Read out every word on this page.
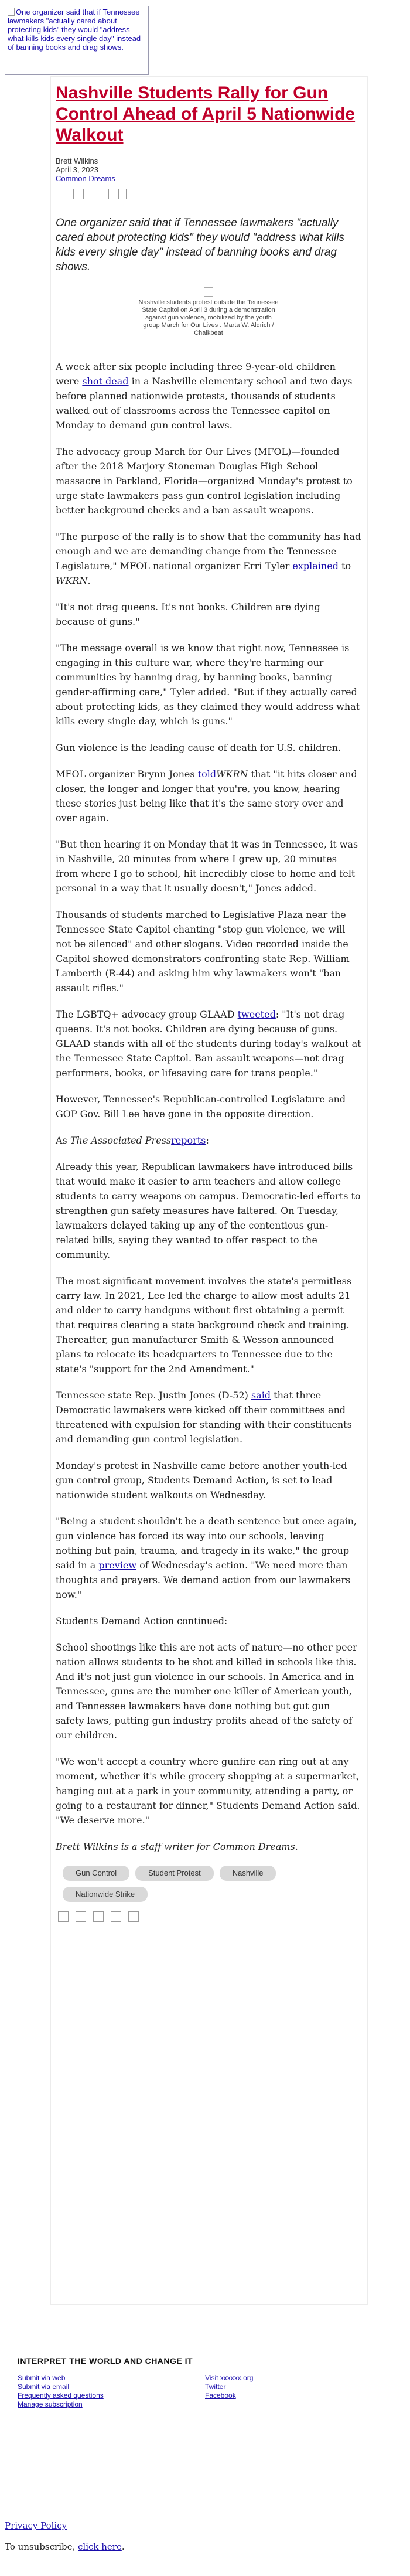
One organizer said that if Tennessee lawmakers "actually cared about protecting kids" they would "address what kills kids every single day" instead of banning books and drag shows.
Nashville Students Rally for Gun Control Ahead of April 5 Nationwide Walkout
Brett Wilkins
April 3, 2023
Common Dreams
One organizer said that if Tennessee lawmakers "actually cared about protecting kids" they would "address what kills kids every single day" instead of banning books and drag shows.
Nashville students protest outside the Tennessee State Capitol on April 3 during a demonstration against gun violence, mobilized by the youth group March for Our Lives . Marta W. Aldrich / Chalkbeat

A week after six people including three 9-year-old children were shot dead in a Nashville elementary school and two days before planned nationwide protests, thousands of students walked out of classrooms across the Tennessee capitol on Monday to demand gun control laws.

The advocacy group March for Our Lives (MFOL)—founded after the 2018 Marjory Stoneman Douglas High School massacre in Parkland, Florida—organized Monday's protest to urge state lawmakers pass gun control legislation including better background checks and a ban assault weapons.

"The purpose of the rally is to show that the community has had enough and we are demanding change from the Tennessee Legislature," MFOL national organizer Erri Tyler explained to WKRN.

"It's not drag queens. It's not books. Children are dying because of guns."

"The message overall is we know that right now, Tennessee is engaging in this culture war, where they're harming our communities by banning drag, by banning books, banning gender-affirming care," Tyler added. "But if they actually cared about protecting kids, as they claimed they would address what kills every single day, which is guns."

Gun violence is the leading cause of death for U.S. children.

MFOL organizer Brynn Jones toldWKRN that "it hits closer and closer, the longer and longer that you're, you know, hearing these stories just being like that it's the same story over and over again.

"But then hearing it on Monday that it was in Tennessee, it was in Nashville, 20 minutes from where I grew up, 20 minutes from where I go to school, hit incredibly close to home and felt personal in a way that it usually doesn't," Jones added.

Thousands of students marched to Legislative Plaza near the Tennessee State Capitol chanting "stop gun violence, we will not be silenced" and other slogans. Video recorded inside the Capitol showed demonstrators confronting state Rep. William Lamberth (R-44) and asking him why lawmakers won't "ban assault rifles."

The LGBTQ+ advocacy group GLAAD tweeted: "It's not drag queens. It's not books. Children are dying because of guns. GLAAD stands with all of the students during today's walkout at the Tennessee State Capitol. Ban assault weapons—not drag performers, books, or lifesaving care for trans people."

However, Tennessee's Republican-controlled Legislature and GOP Gov. Bill Lee have gone in the opposite direction.

As The Associated Pressreports:

Already this year, Republican lawmakers have introduced bills that would make it easier to arm teachers and allow college students to carry weapons on campus. Democratic-led efforts to strengthen gun safety measures have faltered. On Tuesday, lawmakers delayed taking up any of the contentious gun-related bills, saying they wanted to offer respect to the community.

The most significant movement involves the state's permitless carry law. In 2021, Lee led the charge to allow most adults 21 and older to carry handguns without first obtaining a permit that requires clearing a state background check and training. Thereafter, gun manufacturer Smith & Wesson announced plans to relocate its headquarters to Tennessee due to the state's "support for the 2nd Amendment."

Tennessee state Rep. Justin Jones (D-52) said that three Democratic lawmakers were kicked off their committees and threatened with expulsion for standing with their constituents and demanding gun control legislation.

Monday's protest in Nashville came before another youth-led gun control group, Students Demand Action, is set to lead nationwide student walkouts on Wednesday.

"Being a student shouldn't be a death sentence but once again, gun violence has forced its way into our schools, leaving nothing but pain, trauma, and tragedy in its wake," the group said in a preview of Wednesday's action. "We need more than thoughts and prayers. We demand action from our lawmakers now."

Students Demand Action continued:

School shootings like this are not acts of nature—no other peer nation allows students to be shot and killed in schools like this. And it's not just gun violence in our schools. In America and in Tennessee, guns are the number one killer of American youth, and Tennessee lawmakers have done nothing but gut gun safety laws, putting gun industry profits ahead of the safety of our children.

"We won't accept a country where gunfire can ring out at any moment, whether it's while grocery shopping at a supermarket, hanging out at a park in your community, attending a party, or going to a restaurant for dinner," Students Demand Action said. "We deserve more."

Brett Wilkins is a staff writer for Common Dreams.

Gun Control	Student Protest	NashvilleNationwide Strike
INTERPRET THE WORLD AND CHANGE IT
Submit via web
Submit via email
Frequently asked questions
Manage subscription
Visit xxxxxx.org
Twitter
Facebook
Privacy Policy
To unsubscribe, click here.
